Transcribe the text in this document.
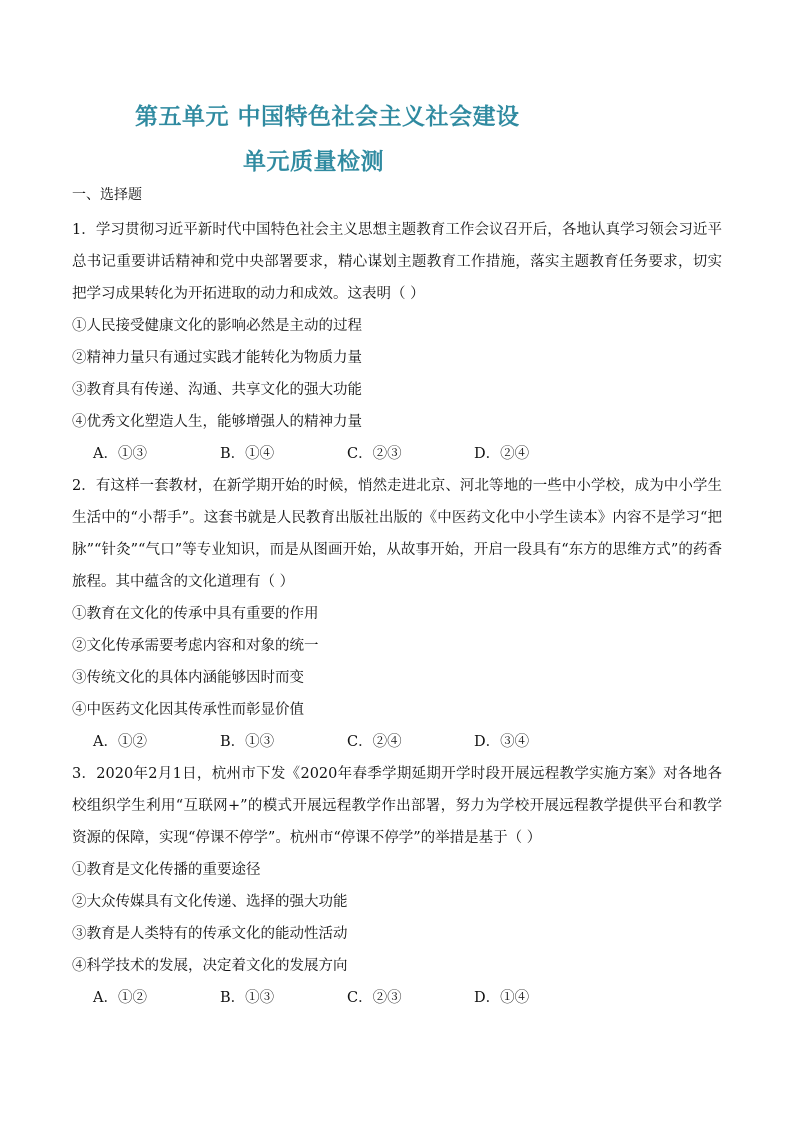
第五单元 中国特色社会主义社会建设
单元质量检测
一、选择题
1．学习贯彻习近平新时代中国特色社会主义思想主题教育工作会议召开后，各地认真学习领会习近平总书记重要讲话精神和党中央部署要求，精心谋划主题教育工作措施，落实主题教育任务要求，切实把学习成果转化为开拓进取的动力和成效。这表明（ ）
①人民接受健康文化的影响必然是主动的过程
②精神力量只有通过实践才能转化为物质力量
③教育具有传递、沟通、共享文化的强大功能
④优秀文化塑造人生，能够增强人的精神力量
A．①③	B．①④	C．②③	D．②④
2．有这样一套教材，在新学期开始的时候，悄然走进北京、河北等地的一些中小学校，成为中小学生生活中的“小帮手”。这套书就是人民教育出版社出版的《中医药文化中小学生读本》内容不是学习“把脉”“针灸”“气口”等专业知识，而是从图画开始，从故事开始，开启一段具有“东方的思维方式”的药香旅程。其中蕴含的文化道理有（ ）
①教育在文化的传承中具有重要的作用
②文化传承需要考虑内容和对象的统一
③传统文化的具体内涵能够因时而变
④中医药文化因其传承性而彰显价值
A．①②	B．①③	C．②④	D．③④
3．2020年2月1日，杭州市下发《2020年春季学期延期开学时段开展远程教学实施方案》对各地各校组织学生利用“互联网+”的模式开展远程教学作出部署，努力为学校开展远程教学提供平台和教学资源的保障，实现“停课不停学”。杭州市“停课不停学”的举措是基于（ ）
①教育是文化传播的重要途径
②大众传媒具有文化传递、选择的强大功能
③教育是人类特有的传承文化的能动性活动
④科学技术的发展，决定着文化的发展方向
A．①②	B．①③	C．②③	D．①④
